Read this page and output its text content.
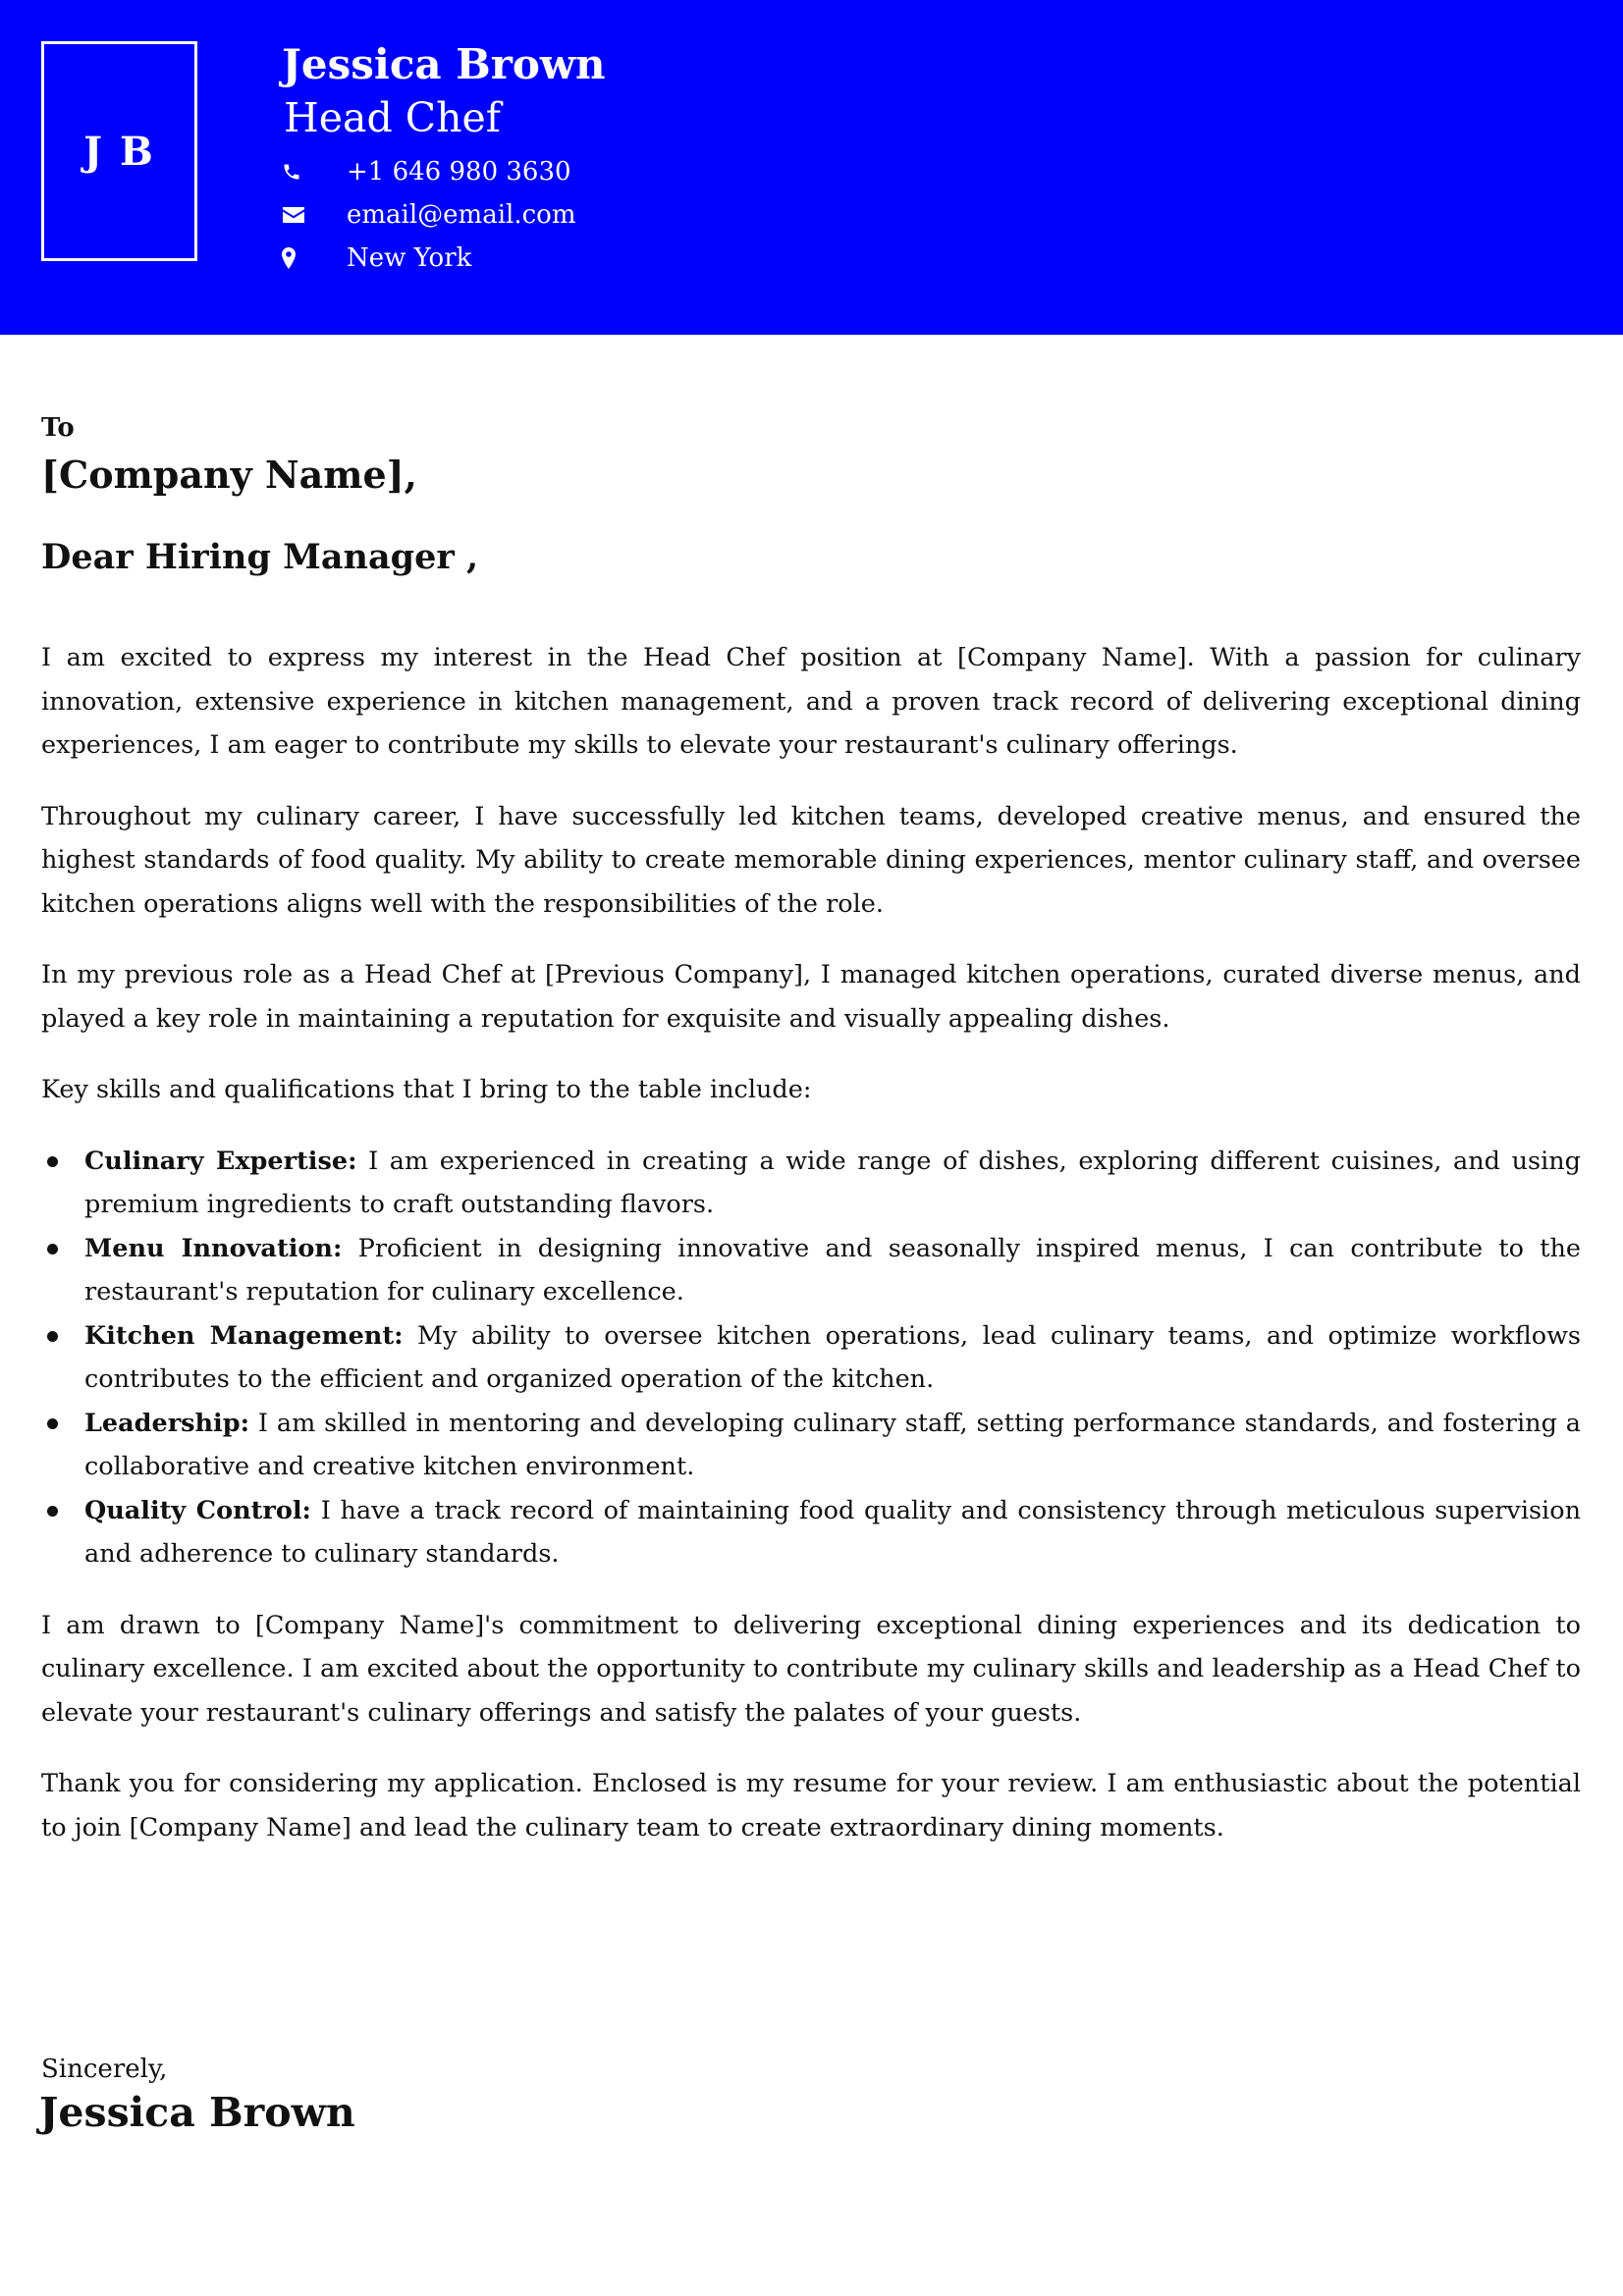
J B
Jessica Brown
Head Chef
+1 646 980 3630
email@email.com
New York
To
[Company Name],
Dear Hiring Manager ,

I am excited to express my interest in the Head Chef position at [Company Name]. With a passion for culinary innovation, extensive experience in kitchen management, and a proven track record of delivering exceptional dining experiences, I am eager to contribute my skills to elevate your restaurant's culinary offerings.

Throughout my culinary career, I have successfully led kitchen teams, developed creative menus, and ensured the highest standards of food quality. My ability to create memorable dining experiences, mentor culinary staff, and oversee kitchen operations aligns well with the responsibilities of the role.

In my previous role as a Head Chef at [Previous Company], I managed kitchen operations, curated diverse menus, and played a key role in maintaining a reputation for exquisite and visually appealing dishes.

Key skills and qualifications that I bring to the table include:

Culinary Expertise: I am experienced in creating a wide range of dishes, exploring different cuisines, and using premium ingredients to craft outstanding flavors.
Menu Innovation: Proficient in designing innovative and seasonally inspired menus, I can contribute to the restaurant's reputation for culinary excellence.
Kitchen Management: My ability to oversee kitchen operations, lead culinary teams, and optimize workflows contributes to the efficient and organized operation of the kitchen.
Leadership: I am skilled in mentoring and developing culinary staff, setting performance standards, and fostering a collaborative and creative kitchen environment.
Quality Control: I have a track record of maintaining food quality and consistency through meticulous supervision and adherence to culinary standards.

I am drawn to [Company Name]'s commitment to delivering exceptional dining experiences and its dedication to culinary excellence. I am excited about the opportunity to contribute my culinary skills and leadership as a Head Chef to elevate your restaurant's culinary offerings and satisfy the palates of your guests.

Thank you for considering my application. Enclosed is my resume for your review. I am enthusiastic about the potential to join [Company Name] and lead the culinary team to create extraordinary dining moments.

Sincerely,
Jessica Brown
